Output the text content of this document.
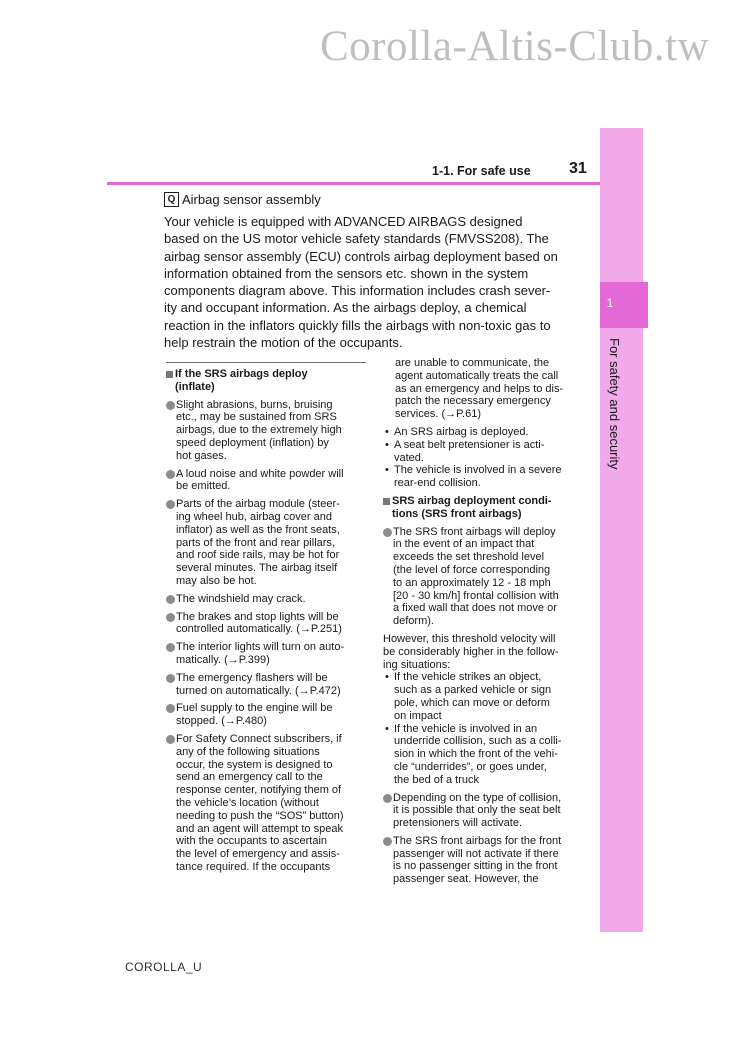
Corolla-Altis-Club.tw
1
For safety and security
1-1. For safe use 31
Q Airbag sensor assembly
Your vehicle is equipped with ADVANCED AIRBAGS designed
based on the US motor vehicle safety standards (FMVSS208). The
airbag sensor assembly (ECU) controls airbag deployment based on
information obtained from the sensors etc. shown in the system
components diagram above. This information includes crash sever-
ity and occupant information. As the airbags deploy, a chemical
reaction in the inflators quickly fills the airbags with non-toxic gas to
help restrain the motion of the occupants.
If the SRS airbags deploy
(inflate)
Slight abrasions, burns, bruising
etc., may be sustained from SRS
airbags, due to the extremely high
speed deployment (inflation) by
hot gases.
A loud noise and white powder will
be emitted.
Parts of the airbag module (steer-
ing wheel hub, airbag cover and
inflator) as well as the front seats,
parts of the front and rear pillars,
and roof side rails, may be hot for
several minutes. The airbag itself
may also be hot.
The windshield may crack.
The brakes and stop lights will be
controlled automatically. (→P.251)
The interior lights will turn on auto-
matically. (→P.399)
The emergency flashers will be
turned on automatically. (→P.472)
Fuel supply to the engine will be
stopped. (→P.480)
For Safety Connect subscribers, if
any of the following situations
occur, the system is designed to
send an emergency call to the
response center, notifying them of
the vehicle’s location (without
needing to push the “SOS” button)
and an agent will attempt to speak
with the occupants to ascertain
the level of emergency and assis-
tance required. If the occupants
are unable to communicate, the
agent automatically treats the call
as an emergency and helps to dis-
patch the necessary emergency
services. (→P.61)
• An SRS airbag is deployed.
• A seat belt pretensioner is acti-
vated.
• The vehicle is involved in a severe
rear-end collision.
SRS airbag deployment condi-
tions (SRS front airbags)
The SRS front airbags will deploy
in the event of an impact that
exceeds the set threshold level
(the level of force corresponding
to an approximately 12 - 18 mph
[20 - 30 km/h] frontal collision with
a fixed wall that does not move or
deform).
However, this threshold velocity will
be considerably higher in the follow-
ing situations:
• If the vehicle strikes an object,
such as a parked vehicle or sign
pole, which can move or deform
on impact
• If the vehicle is involved in an
underride collision, such as a colli-
sion in which the front of the vehi-
cle “underrides”, or goes under,
the bed of a truck
Depending on the type of collision,
it is possible that only the seat belt
pretensioners will activate.
The SRS front airbags for the front
passenger will not activate if there
is no passenger sitting in the front
passenger seat. However, the
COROLLA_U
